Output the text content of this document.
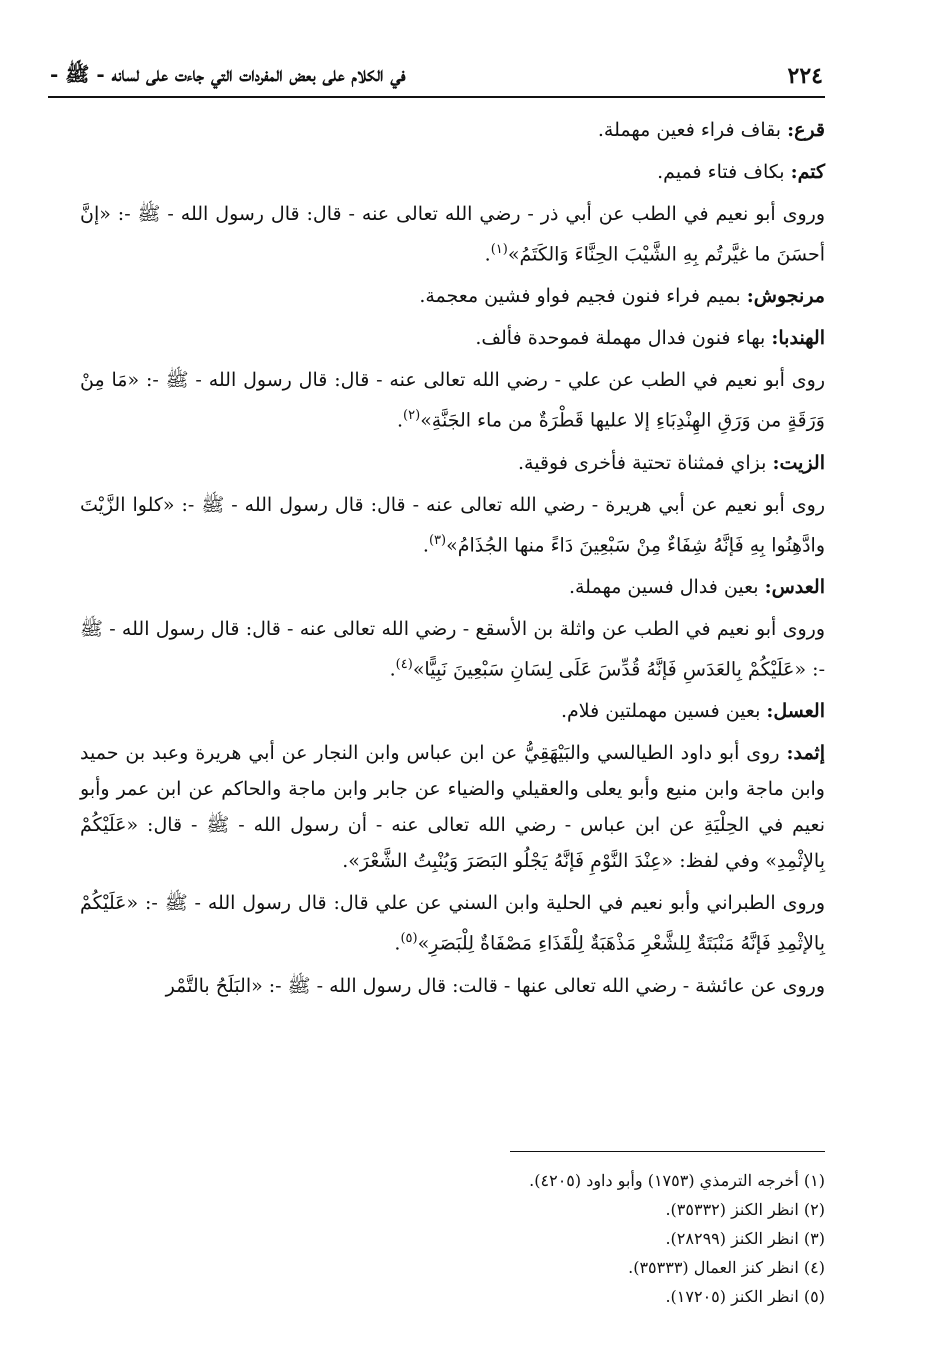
٢٢٤
في الكلام على بعض المفردات التي جاءت على لسانه - ﷺ -

قرع: بقاف فراء فعين مهملة.

كتم: بكاف فتاء فميم.

وروى أبو نعيم في الطب عن أبي ذر - رضي الله تعالى عنه - قال: قال رسول الله - ﷺ -: «إنَّ أحسَنَ ما غيَّرتُم بِهِ الشَّيْبَ الحِنَّاءَ وَالكَتَمُ»$^{(١)}$.

مرنجوش: بميم فراء فنون فجيم فواو فشين معجمة.

الهندبا: بهاء فنون فدال مهملة فموحدة فألف.

روى أبو نعيم في الطب عن علي - رضي الله تعالى عنه - قال: قال رسول الله - ﷺ -: «مَا مِنْ وَرَقَةٍ من وَرَقِ الهِنْدِبَاءِ إلا عليها قَطْرَةٌ من ماء الجَنَّةِ»$^{(٢)}$.

الزيت: بزاي فمثناة تحتية فأخرى فوقية.

روى أبو نعيم عن أبي هريرة - رضي الله تعالى عنه - قال: قال رسول الله - ﷺ -: «كلوا الزَّيْتَ وادَّهِنُوا بِهِ فَإنَّهُ شِفَاءٌ مِنْ سَبْعِينَ دَاءً منها الجُذَامُ»$^{(٣)}$.

العدس: بعين فدال فسين مهملة.

وروى أبو نعيم في الطب عن واثلة بن الأسقع - رضي الله تعالى عنه - قال: قال رسول الله - ﷺ -: «عَلَيْكُمْ بِالعَدَسِ فَإنَّهُ قُدِّسَ عَلَى لِسَانِ سَبْعِينَ نَبِيًّا»$^{(٤)}$.

العسل: بعين فسين مهملتين فلام.

إثمد: روى أبو داود الطيالسي والبَيْهَقِيُّ عن ابن عباس وابن النجار عن أبي هريرة وعبد بن حميد وابن ماجة وابن منيع وأبو يعلى والعقيلي والضياء عن جابر وابن ماجة والحاكم عن ابن عمر وأبو نعيم في الحِلْيَةِ عن ابن عباس - رضي الله تعالى عنه - أن رسول الله - ﷺ - قال: «عَلَيْكُمْ بِالإثْمِدِ» وفي لفظ: «عِنْدَ النَّوْمِ فَإنَّهُ يَجْلُو البَصَرَ وَيُنْبِتُ الشَّعْرَ».

وروى الطبراني وأبو نعيم في الحلية وابن السني عن علي قال: قال رسول الله - ﷺ -: «عَلَيْكُمْ بِالإثْمِدِ فَإنَّهُ مَنْبَتَةٌ لِلشَّعْرِ مَذْهَبَةٌ لِلْقَذَاءِ مَصْفَاةٌ لِلْبَصَرِ»$^{(٥)}$.

وروى عن عائشة - رضي الله تعالى عنها - قالت: قال رسول الله - ﷺ -: «البَلَحُ بالتَّمْر

(١) أخرجه الترمذي (١٧٥٣) وأبو داود (٤٢٠٥).
(٢) انظر الكنز (٣٥٣٣٢).
(٣) انظر الكنز (٢٨٢٩٩).
(٤) انظر كنز العمال (٣٥٣٣٣).
(٥) انظر الكنز (١٧٢٠٥).
